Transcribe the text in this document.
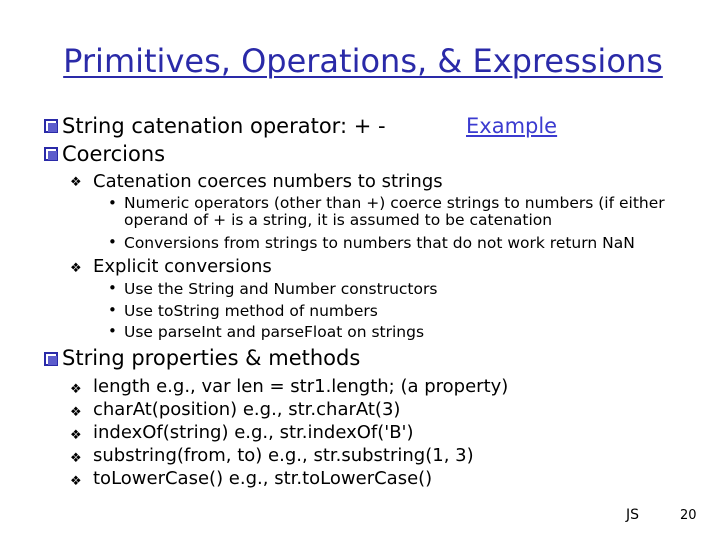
Primitives, Operations, & Expressions
String catenation operator: + -	Example
Coercions
❖ Catenation coerces numbers to strings
• Numeric operators (other than +) coerce strings to numbers (if either operand of + is a string, it is assumed to be catenation
• Conversions from strings to numbers that do not work return NaN
❖ Explicit conversions
• Use the String and Number constructors
• Use toString method of numbers
• Use parseInt and parseFloat on strings
String properties & methods
❖ length e.g., var len = str1.length; (a property)
❖ charAt(position) e.g., str.charAt(3)
❖ indexOf(string) e.g., str.indexOf('B')
❖ substring(from, to) e.g., str.substring(1, 3)
❖ toLowerCase() e.g., str.toLowerCase()
JS	20
